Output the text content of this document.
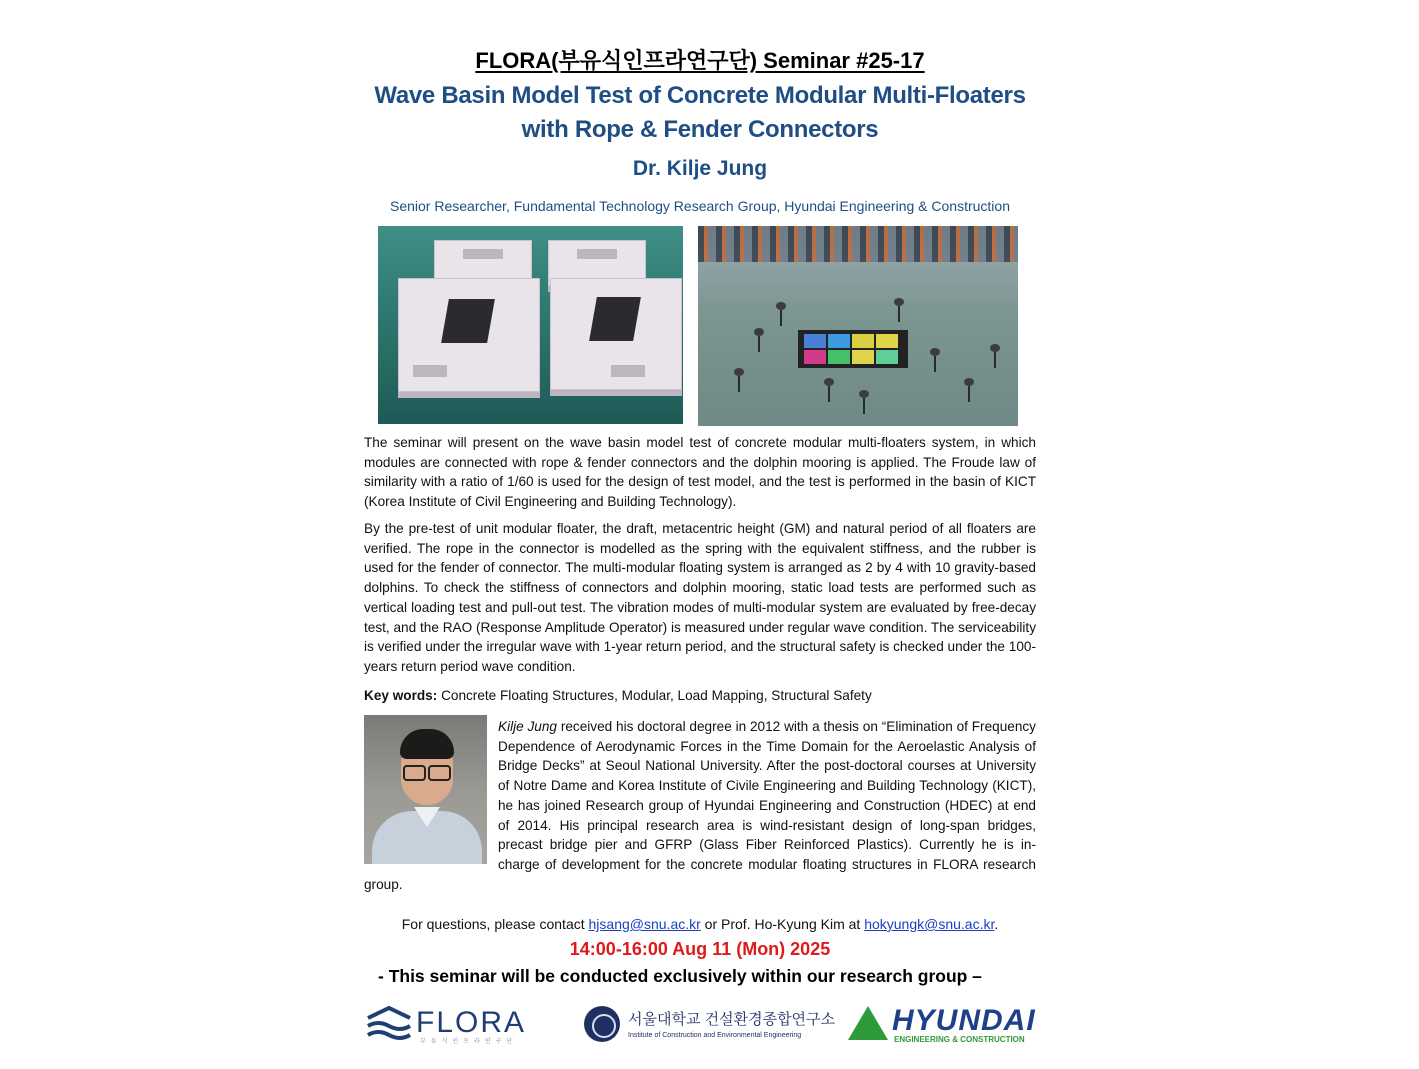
FLORA(부유식인프라연구단) Seminar #25-17
Wave Basin Model Test of Concrete Modular Multi-Floaters
with Rope & Fender Connectors
Dr. Kilje Jung
Senior Researcher, Fundamental Technology Research Group, Hyundai Engineering & Construction
The seminar will present on the wave basin model test of concrete modular multi-floaters system, in which modules are connected with rope & fender connectors and the dolphin mooring is applied. The Froude law of similarity with a ratio of 1/60 is used for the design of test model, and the test is performed in the basin of KICT (Korea Institute of Civil Engineering and Building Technology).
By the pre-test of unit modular floater, the draft, metacentric height (GM) and natural period of all floaters are verified. The rope in the connector is modelled as the spring with the equivalent stiffness, and the rubber is used for the fender of connector. The multi-modular floating system is arranged as 2 by 4 with 10 gravity-based dolphins. To check the stiffness of connectors and dolphin mooring, static load tests are performed such as vertical loading test and pull-out test. The vibration modes of multi-modular system are evaluated by free-decay test, and the RAO (Response Amplitude Operator) is measured under regular wave condition. The serviceability is verified under the irregular wave with 1-year return period, and the structural safety is checked under the 100-years return period wave condition.
Key words: Concrete Floating Structures, Modular, Load Mapping, Structural Safety
Kilje Jung received his doctoral degree in 2012 with a thesis on “Elimination of Frequency Dependence of Aerodynamic Forces in the Time Domain for the Aeroelastic Analysis of Bridge Decks” at Seoul National University. After the post-doctoral courses at University of Notre Dame and Korea Institute of Civile Engineering and Building Technology (KICT), he has joined Research group of Hyundai Engineering and Construction (HDEC) at end of 2014. His principal research area is wind-resistant design of long-span bridges, precast bridge pier and GFRP (Glass Fiber Reinforced Plastics). Currently he is in-charge of development for the concrete modular floating structures in FLORA research group.
For questions, please contact hjsang@snu.ac.kr or Prof. Ho-Kyung Kim at hokyungk@snu.ac.kr.
14:00-16:00 Aug 11 (Mon) 2025
- This seminar will be conducted exclusively within our research group –
FLORA
부유식인프라연구단
서울대학교 건설환경종합연구소
Institute of Construction and Environmental Engineering	HYUNDAI
ENGINEERING & CONSTRUCTION
